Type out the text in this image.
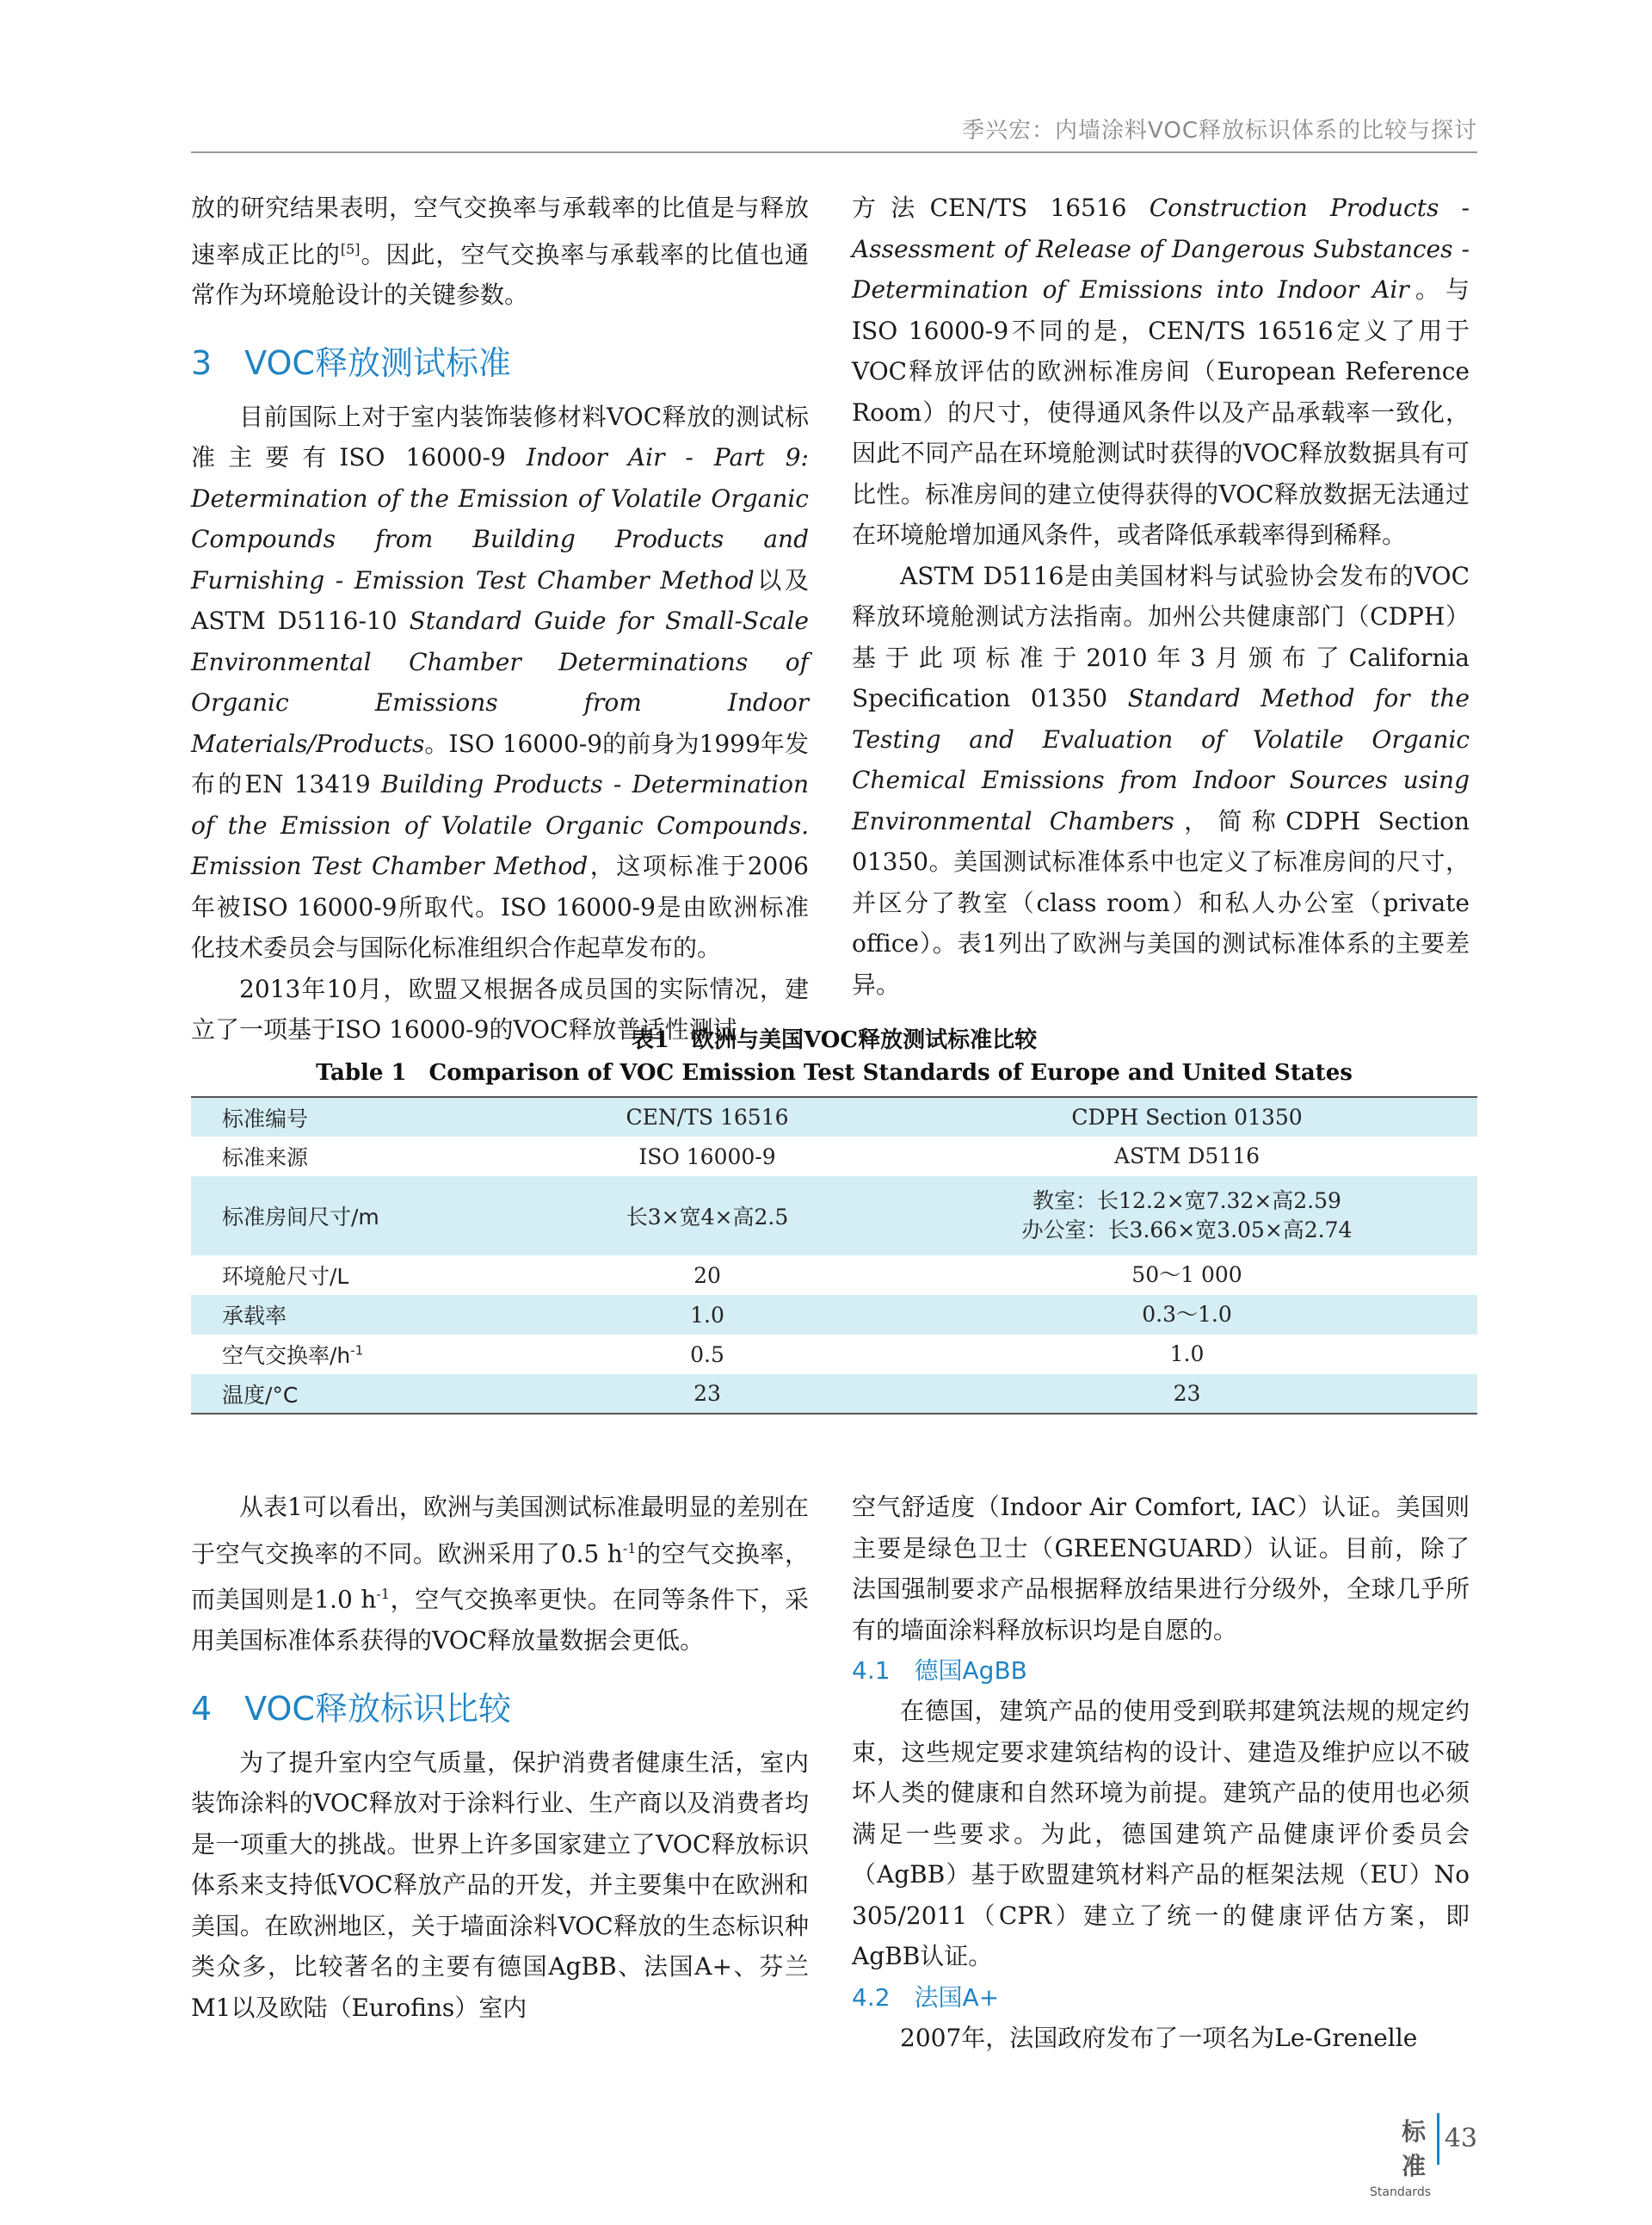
季兴宏：内墙涂料VOC释放标识体系的比较与探讨

放的研究结果表明，空气交换率与承载率的比值是与释放速率成正比的[5]。因此，空气交换率与承载率的比值也通常作为环境舱设计的关键参数。

3　VOC释放测试标准

目前国际上对于室内装饰装修材料VOC释放的测试标准主要有ISO 16000-9 Indoor Air - Part 9: Determination of the Emission of Volatile Organic Compounds from Building Products and Furnishing - Emission Test Chamber Method以及ASTM D5116-10 Standard Guide for Small-Scale Environmental Chamber Determinations of Organic Emissions from Indoor Materials/Products。ISO 16000-9的前身为1999年发布的EN 13419 Building Products - Determination of the Emission of Volatile Organic Compounds. Emission Test Chamber Method，这项标准于2006年被ISO 16000-9所取代。ISO 16000-9是由欧洲标准化技术委员会与国际化标准组织合作起草发布的。

2013年10月，欧盟又根据各成员国的实际情况，建立了一项基于ISO 16000-9的VOC释放普适性测试

方法CEN/TS 16516 Construction Products - Assessment of Release of Dangerous Substances - Determination of Emissions into Indoor Air。与ISO 16000-9不同的是，CEN/TS 16516定义了用于VOC释放评估的欧洲标准房间（European Reference Room）的尺寸，使得通风条件以及产品承载率一致化，因此不同产品在环境舱测试时获得的VOC释放数据具有可比性。标准房间的建立使得获得的VOC释放数据无法通过在环境舱增加通风条件，或者降低承载率得到稀释。

ASTM D5116是由美国材料与试验协会发布的VOC释放环境舱测试方法指南。加州公共健康部门（CDPH）基于此项标准于2010年3月颁布了California Specification 01350 Standard Method for the Testing and Evaluation of Volatile Organic Chemical Emissions from Indoor Sources using Environmental Chambers，简称CDPH Section 01350。美国测试标准体系中也定义了标准房间的尺寸，并区分了教室（class room）和私人办公室（private office）。表1列出了欧洲与美国的测试标准体系的主要差异。

表1　欧洲与美国VOC释放测试标准比较
Table 1　Comparison of VOC Emission Test Standards of Europe and United States
标准编号	CEN/TS 16516	CDPH Section 01350
标准来源	ISO 16000-9	ASTM D5116
标准房间尺寸/m	长3×宽4×高2.5	教室：长12.2×宽7.32×高2.59
办公室：长3.66×宽3.05×高2.74

环境舱尺寸/L	20	50～1 000
承载率	1.0	0.3～1.0
空气交换率$/h^{-1}$	0.5	1.0
温度/°C	23	23

从表1可以看出，欧洲与美国测试标准最明显的差别在于空气交换率的不同。欧洲采用了0.5 $h^{-1}$的空气交换率，而美国则是1.0 $h^{-1}$，空气交换率更快。在同等条件下，采用美国标准体系获得的VOC释放量数据会更低。

4　VOC释放标识比较

为了提升室内空气质量，保护消费者健康生活，室内装饰涂料的VOC释放对于涂料行业、生产商以及消费者均是一项重大的挑战。世界上许多国家建立了VOC释放标识体系来支持低VOC释放产品的开发，并主要集中在欧洲和美国。在欧洲地区，关于墙面涂料VOC释放的生态标识种类众多，比较著名的主要有德国AgBB、法国A+、芬兰M1以及欧陆（Eurofins）室内

空气舒适度（Indoor Air Comfort, IAC）认证。美国则主要是绿色卫士（GREENGUARD）认证。目前，除了法国强制要求产品根据释放结果进行分级外，全球几乎所有的墙面涂料释放标识均是自愿的。

4.1　德国AgBB

在德国，建筑产品的使用受到联邦建筑法规的规定约束，这些规定要求建筑结构的设计、建造及维护应以不破坏人类的健康和自然环境为前提。建筑产品的使用也必须满足一些要求。为此，德国建筑产品健康评价委员会（AgBB）基于欧盟建筑材料产品的框架法规（EU）No 305/2011（CPR）建立了统一的健康评估方案，即AgBB认证。

4.2　法国A+

2007年，法国政府发布了一项名为Le-Grenelle

标 准
Standards
43
